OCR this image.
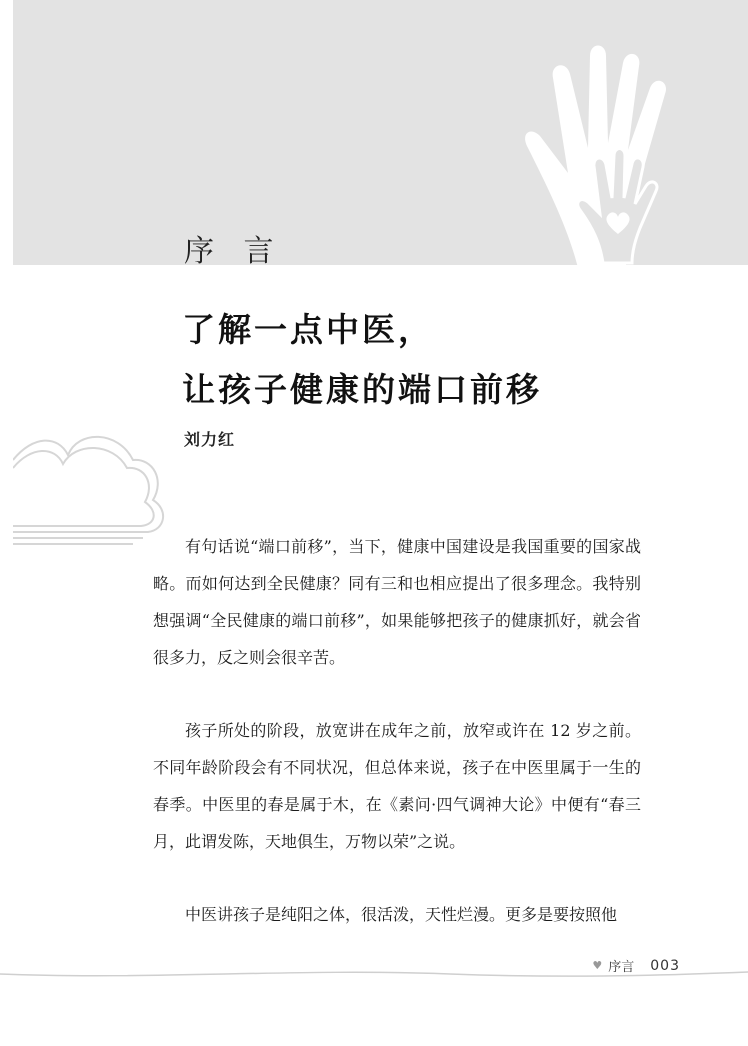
序 言
了解一点中医，
让孩子健康的端口前移
刘力红

有句话说“端口前移”，当下，健康中国建设是我国重要的国家战略。而如何达到全民健康？同有三和也相应提出了很多理念。我特别想强调“全民健康的端口前移”，如果能够把孩子的健康抓好，就会省很多力，反之则会很辛苦。

孩子所处的阶段，放宽讲在成年之前，放窄或许在 12 岁之前。不同年龄阶段会有不同状况，但总体来说，孩子在中医里属于一生的春季。中医里的春是属于木，在《素问·四气调神大论》中便有“春三月，此谓发陈，天地俱生，万物以荣”之说。

中医讲孩子是纯阳之体，很活泼，天性烂漫。更多是要按照他

♥ 序言 003
